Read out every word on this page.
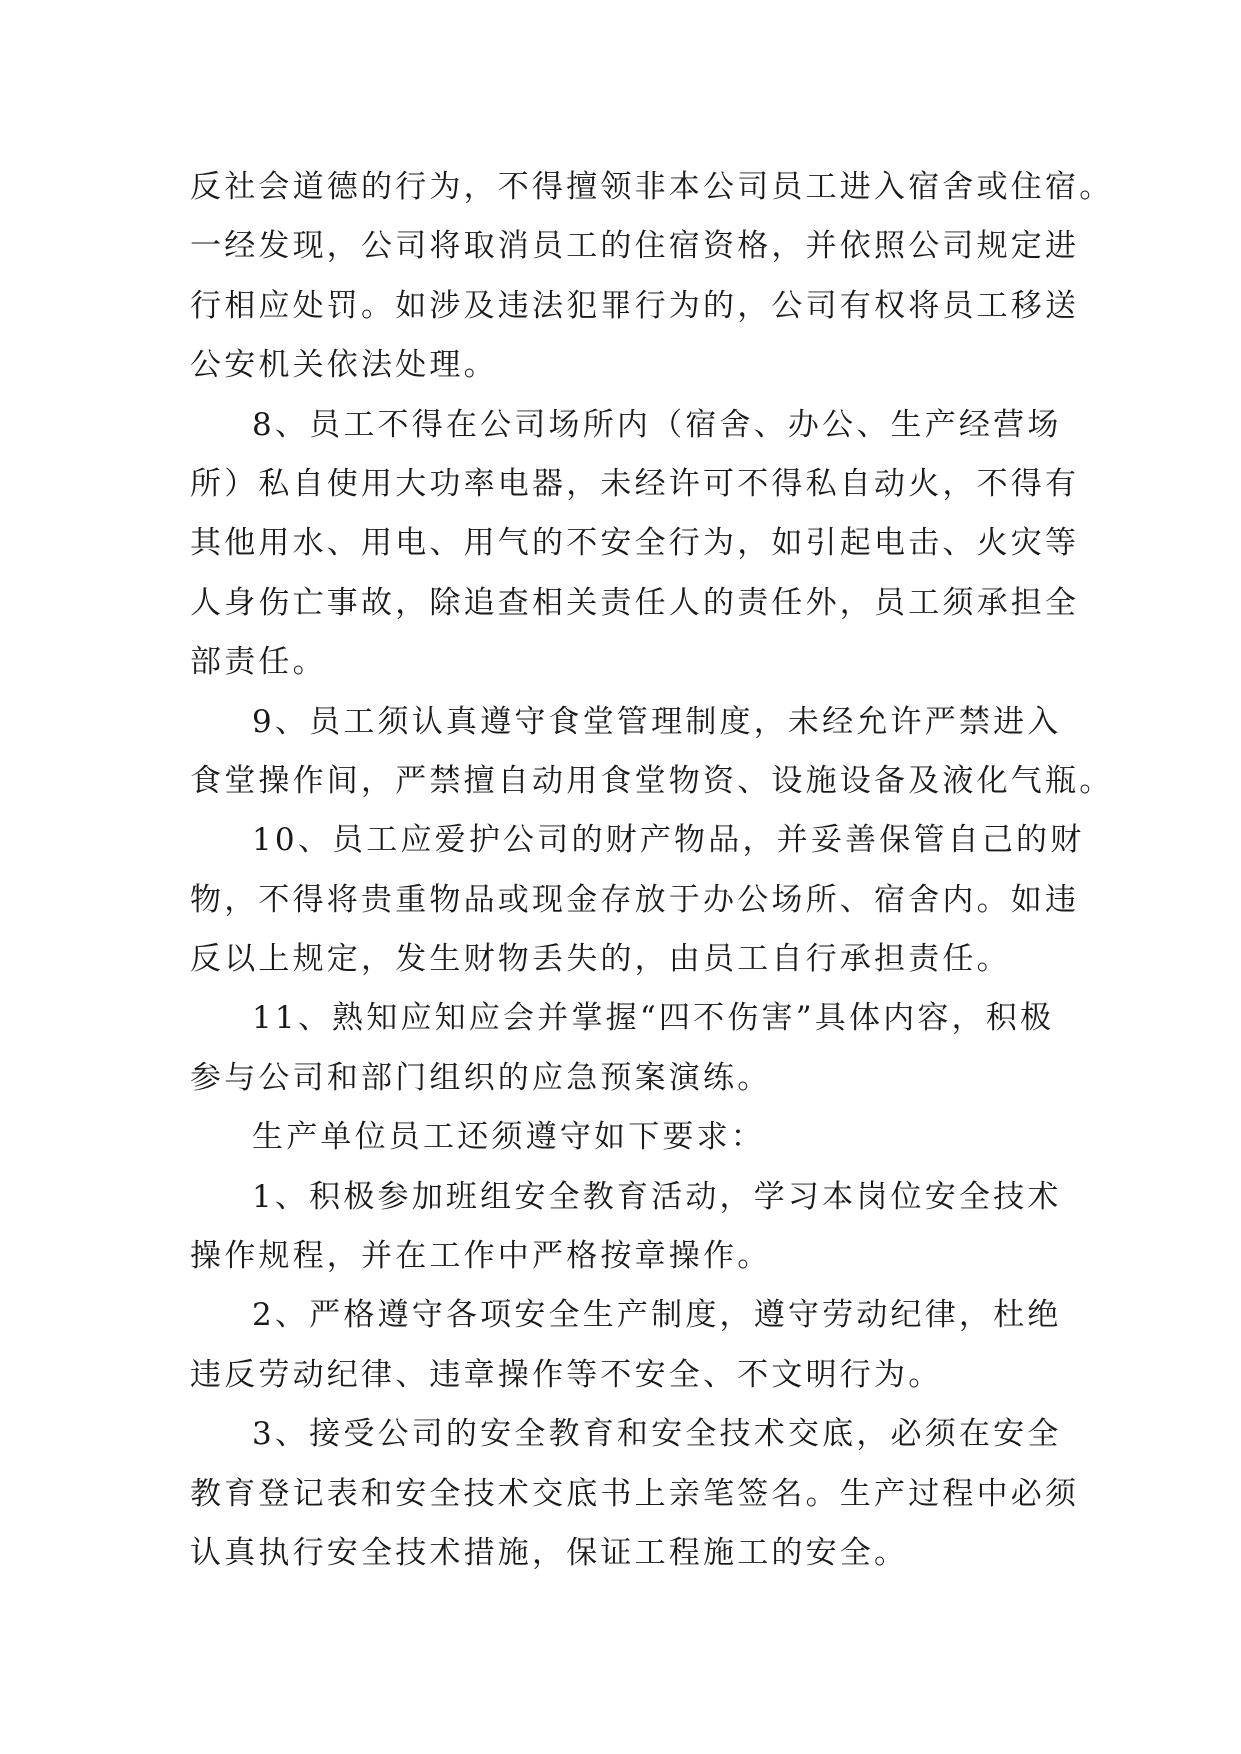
反社会道德的行为，不得擅领非本公司员工进入宿舍或住宿。
一经发现，公司将取消员工的住宿资格，并依照公司规定进
行相应处罚。如涉及违法犯罪行为的，公司有权将员工移送
公安机关依法处理。
8、员工不得在公司场所内（宿舍、办公、生产经营场
所）私自使用大功率电器，未经许可不得私自动火，不得有
其他用水、用电、用气的不安全行为，如引起电击、火灾等
人身伤亡事故，除追查相关责任人的责任外，员工须承担全
部责任。
9、员工须认真遵守食堂管理制度，未经允许严禁进入
食堂操作间，严禁擅自动用食堂物资、设施设备及液化气瓶。
10、员工应爱护公司的财产物品，并妥善保管自己的财
物，不得将贵重物品或现金存放于办公场所、宿舍内。如违
反以上规定，发生财物丢失的，由员工自行承担责任。
11、熟知应知应会并掌握“四不伤害”具体内容，积极
参与公司和部门组织的应急预案演练。
生产单位员工还须遵守如下要求：
1、积极参加班组安全教育活动，学习本岗位安全技术
操作规程，并在工作中严格按章操作。
2、严格遵守各项安全生产制度，遵守劳动纪律，杜绝
违反劳动纪律、违章操作等不安全、不文明行为。
3、接受公司的安全教育和安全技术交底，必须在安全
教育登记表和安全技术交底书上亲笔签名。生产过程中必须
认真执行安全技术措施，保证工程施工的安全。
